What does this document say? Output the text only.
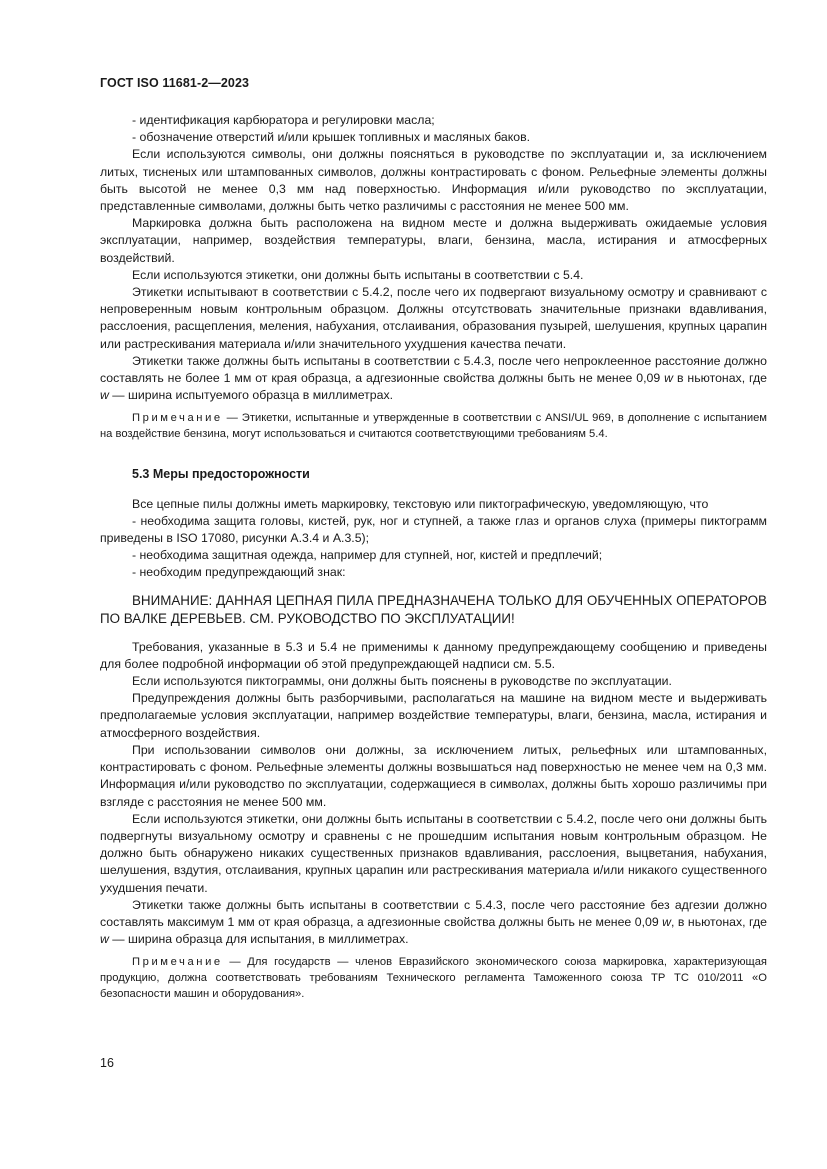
ГОСТ ISO 11681-2—2023

- идентификация карбюратора и регулировки масла;

- обозначение отверстий и/или крышек топливных и масляных баков.

Если используются символы, они должны поясняться в руководстве по эксплуатации и, за исключением литых, тисненых или штампованных символов, должны контрастировать с фоном. Рельефные элементы должны быть высотой не менее 0,3 мм над поверхностью. Информация и/или руководство по эксплуатации, представленные символами, должны быть четко различимы с расстояния не менее 500 мм.

Маркировка должна быть расположена на видном месте и должна выдерживать ожидаемые условия эксплуатации, например, воздействия температуры, влаги, бензина, масла, истирания и атмосферных воздействий.

Если используются этикетки, они должны быть испытаны в соответствии с 5.4.

Этикетки испытывают в соответствии с 5.4.2, после чего их подвергают визуальному осмотру и сравнивают с непроверенным новым контрольным образцом. Должны отсутствовать значительные признаки вдавливания, расслоения, расщепления, меления, набухания, отслаивания, образования пузырей, шелушения, крупных царапин или растрескивания материала и/или значительного ухудшения качества печати.

Этикетки также должны быть испытаны в соответствии с 5.4.3, после чего непроклеенное расстояние должно составлять не более 1 мм от края образца, а адгезионные свойства должны быть не менее 0,09 w в ньютонах, где w — ширина испытуемого образца в миллиметрах.

Примечание — Этикетки, испытанные и утвержденные в соответствии с ANSI/UL 969, в дополнение с испытанием на воздействие бензина, могут использоваться и считаются соответствующими требованиям 5.4.

5.3 Меры предосторожности

Все цепные пилы должны иметь маркировку, текстовую или пиктографическую, уведомляющую, что

- необходима защита головы, кистей, рук, ног и ступней, а также глаз и органов слуха (примеры пиктограмм приведены в ISO 17080, рисунки А.3.4 и А.3.5);

- необходима защитная одежда, например для ступней, ног, кистей и предплечий;

- необходим предупреждающий знак:

ВНИМАНИЕ: ДАННАЯ ЦЕПНАЯ ПИЛА ПРЕДНАЗНАЧЕНА ТОЛЬКО ДЛЯ ОБУЧЕННЫХ ОПЕРАТОРОВ ПО ВАЛКЕ ДЕРЕВЬЕВ. СМ. РУКОВОДСТВО ПО ЭКСПЛУАТАЦИИ!

Требования, указанные в 5.3 и 5.4 не применимы к данному предупреждающему сообщению и приведены для более подробной информации об этой предупреждающей надписи см. 5.5.

Если используются пиктограммы, они должны быть пояснены в руководстве по эксплуатации.

Предупреждения должны быть разборчивыми, располагаться на машине на видном месте и выдерживать предполагаемые условия эксплуатации, например воздействие температуры, влаги, бензина, масла, истирания и атмосферного воздействия.

При использовании символов они должны, за исключением литых, рельефных или штампованных, контрастировать с фоном. Рельефные элементы должны возвышаться над поверхностью не менее чем на 0,3 мм. Информация и/или руководство по эксплуатации, содержащиеся в символах, должны быть хорошо различимы при взгляде с расстояния не менее 500 мм.

Если используются этикетки, они должны быть испытаны в соответствии с 5.4.2, после чего они должны быть подвергнуты визуальному осмотру и сравнены с не прошедшим испытания новым контрольным образцом. Не должно быть обнаружено никаких существенных признаков вдавливания, расслоения, выцветания, набухания, шелушения, вздутия, отслаивания, крупных царапин или растрескивания материала и/или никакого существенного ухудшения печати.

Этикетки также должны быть испытаны в соответствии с 5.4.3, после чего расстояние без адгезии должно составлять максимум 1 мм от края образца, а адгезионные свойства должны быть не менее 0,09 w, в ньютонах, где w — ширина образца для испытания, в миллиметрах.

Примечание — Для государств — членов Евразийского экономического союза маркировка, характеризующая продукцию, должна соответствовать требованиям Технического регламента Таможенного союза ТР ТС 010/2011 «О безопасности машин и оборудования».

16
